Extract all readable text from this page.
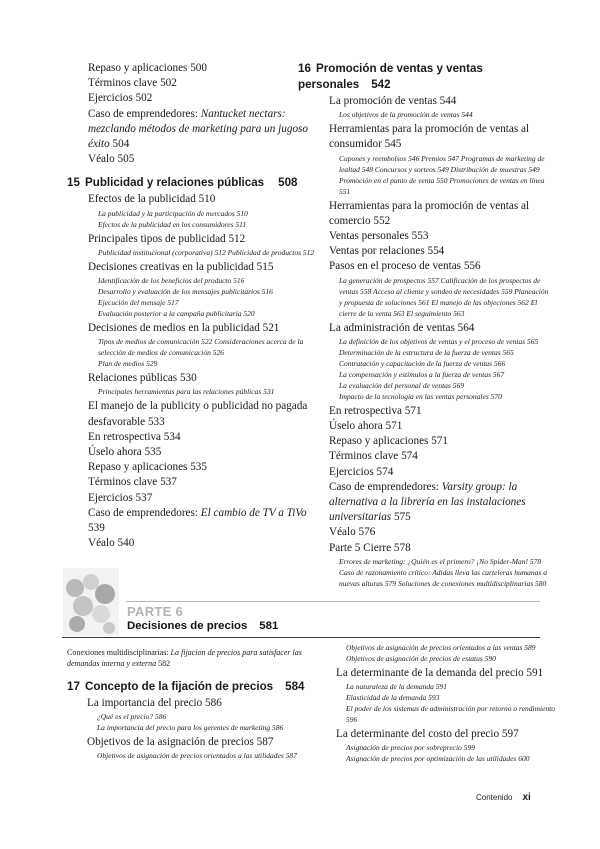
Repaso y aplicaciones 500
Términos clave 502
Ejercicios 502
Caso de emprendedores: Nantucket nectars: mezclando métodos de marketing para un jugoso éxito 504
Véalo 505
15 Publicidad y relaciones públicas 508
Efectos de la publicidad 510
La publicidad y la participación de mercados 510
Efectos de la publicidad en los consumidores 511
Principales tipos de publicidad 512
Publicidad institucional (corporativa) 512 Publicidad de productos 512
Decisiones creativas en la publicidad 515
Identificación de los beneficios del producto 516
Desarrollo y evaluación de los mensajes publicitarios 516
Ejecución del mensaje 517
Evaluación posterior a la campaña publicitaria 520
Decisiones de medios en la publicidad 521
Tipos de medios de comunicación 522 Consideraciones acerca de la selección de medios de comunicación 526
Plan de medios 529
Relaciones públicas 530
Principales herramientas para las relaciones públicas 531
El manejo de la publicity o publicidad no pagada desfavorable 533
En retrospectiva 534
Úselo ahora 535
Repaso y aplicaciones 535
Términos clave 537
Ejercicios 537
Caso de emprendedores: El cambio de TV a TiVo 539
Véalo 540
16 Promoción de ventas y ventas personales 542
La promoción de ventas 544
Los objetivos de la promoción de ventas 544
Herramientas para la promoción de ventas al consumidor 545
Cupones y reembolsos 546 Premios 547 Programas de marketing de lealtad 548 Concursos y sorteos 549 Distribución de muestras 549 Promoción en el punto de venta 550 Promociones de ventas en línea 551
Herramientas para la promoción de ventas al comercio 552
Ventas personales 553
Ventas por relaciones 554
Pasos en el proceso de ventas 556
La generación de prospectos 557 Calificación de los prospectos de ventas 558 Acceso al cliente y sondeo de necesidades 559 Planeación y propuesta de soluciones 561 El manejo de las objeciones 562 El cierre de la venta 563 El seguimiento 563
La administración de ventas 564
La definición de los objetivos de ventas y el proceso de ventas 565
Determinación de la estructura de la fuerza de ventas 565
Contratación y capacitación de la fuerza de ventas 566
La compensación y estímulos a la fuerza de ventas 567
La evaluación del personal de ventas 569
Impacto de la tecnología en las ventas personales 570
En retrospectiva 571
Úselo ahora 571
Repaso y aplicaciones 571
Términos clave 574
Ejercicios 574
Caso de emprendedores: Varsity group: la alternativa a la librería en las instalaciones universitarias 575
Véalo 576
Parte 5 Cierre 578
Errores de marketing: ¿Quién es el primero? ¡No Spider-Man! 578 Caso de razonamiento crítico: Adidas lleva las carteleras humanas a nuevas alturas 579 Soluciones de conexiones multidisciplinarias 580
PARTE 6
Decisiones de precios 581
Conexiones multidisciplinarias: La fijacion de precios para satisfacer las demandas interna y externa 582
17 Concepto de la fijación de precios 584
La importancia del precio 586
¿Qué es el precio? 586
La importancia del precio para los gerentes de marketing 586
Objetivos de la asignación de precios 587
Objetivos de asignación de precios orientados a las utilidades 587
Objetivos de asignación de precios orientados a las ventas 589
Objetivos de asignación de precios de estatus 590
La determinante de la demanda del precio 591
La naturaleza de la demanda 591
Elasticidad de la demanda 593
El poder de los sistemas de administración por retorno o rendimiento 596
La determinante del costo del precio 597
Asignación de precios por sobreprecio 599
Asignación de precios por optimización de las utilidades 600
Contenido xi
